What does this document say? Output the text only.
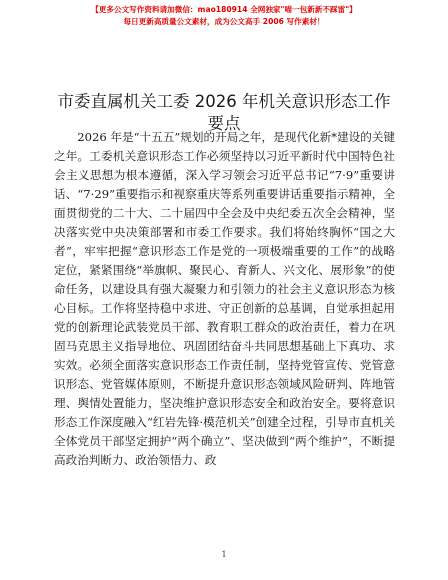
【更多公文写作资料请加微信：mao180914 全网独家"喵一包新新不踩雷"】
每日更新高质量公文素材，成为公文高手 2006 写作素材！
市委直属机关工委 2026 年机关意识形态工作要点

2026 年是“十五五”规划的开局之年，是现代化新*建设的关键之年。工委机关意识形态工作必须坚持以习近平新时代中国特色社会主义思想为根本遵循，深入学习领会习近平总书记“7·9”重要讲话、“7·29”重要指示和视察重庆等系列重要讲话重要指示精神，全面贯彻党的二十大、二十届四中全会及中央纪委五次全会精神，坚决落实党中央决策部署和市委工作要求。我们将始终胸怀“国之大者”，牢牢把握“意识形态工作是党的一项极端重要的工作”的战略定位，紧紧围绕“举旗帜、聚民心、育新人、兴文化、展形象”的使命任务，以建设具有强大凝聚力和引领力的社会主义意识形态为核心目标。工作将坚持稳中求进、守正创新的总基调，自觉承担起用党的创新理论武装党员干部、教育职工群众的政治责任，着力在巩固马克思主义指导地位、巩固团结奋斗共同思想基础上下真功、求实效。必须全面落实意识形态工作责任制，坚持党管宣传、党管意识形态、党管媒体原则，不断提升意识形态领域风险研判、阵地管理、舆情处置能力，坚决维护意识形态安全和政治安全。要将意识形态工作深度融入“红岩先锋·模范机关”创建全过程，引导市直机关全体党员干部坚定拥护“两个确立”、坚决做到“两个维护”，不断提高政治判断力、政治领悟力、政

1
